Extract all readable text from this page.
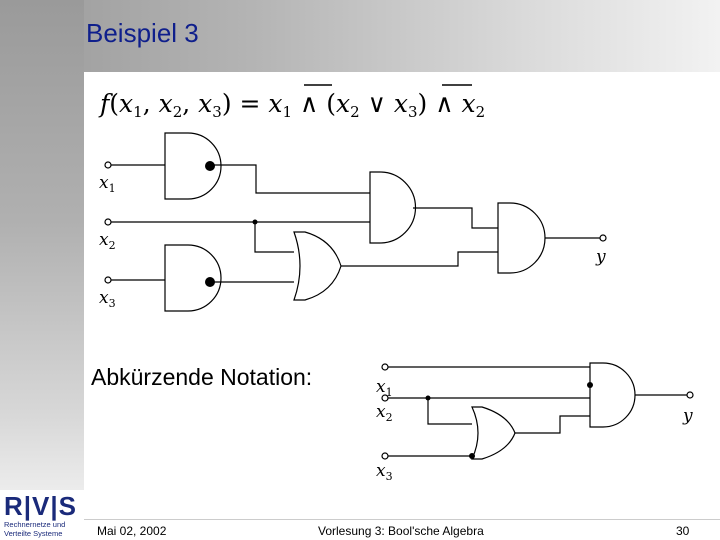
Beispiel 3
$f(x_1$, $x_2$, $x_3) = x_1$ ∧ ($x_2$ ∨ $x_3$) ∧ $x_2$
$x_1$
$x_2$
$x_3$
y
$x_1$
$x_2$
$x_3$
y
Abkürzende Notation:
R|V|S
Rechnernetze und
Verteilte Systeme	Mai 02, 2002	Vorlesung 3: Bool'sche Algebra	30
